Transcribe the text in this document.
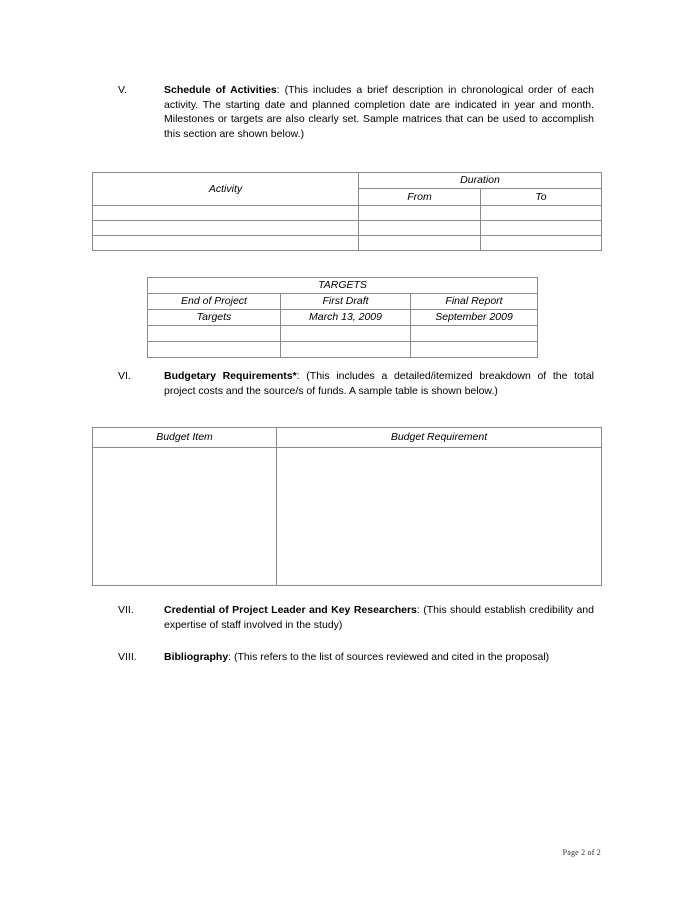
V.	Schedule of Activities: (This includes a brief description in chronological order of each activity. The starting date and planned completion date are indicated in year and month. Milestones or targets are also clearly set. Sample matrices that can be used to accomplish this section are shown below.)
Activity	Duration	
	From	To

TARGETS		
End of Project	First Draft	Final Report
Targets	March 13, 2009	September 2009

VI.	Budgetary Requirements*: (This includes a detailed/itemized breakdown of the total project costs and the source/s of funds. A sample table is shown below.)
Budget Item	Budget Requirement

VII.	Credential of Project Leader and Key Researchers: (This should establish credibility and expertise of staff involved in the study)
VIII.	Bibliography: (This refers to the list of sources reviewed and cited in the proposal)
Page 2 of 2
